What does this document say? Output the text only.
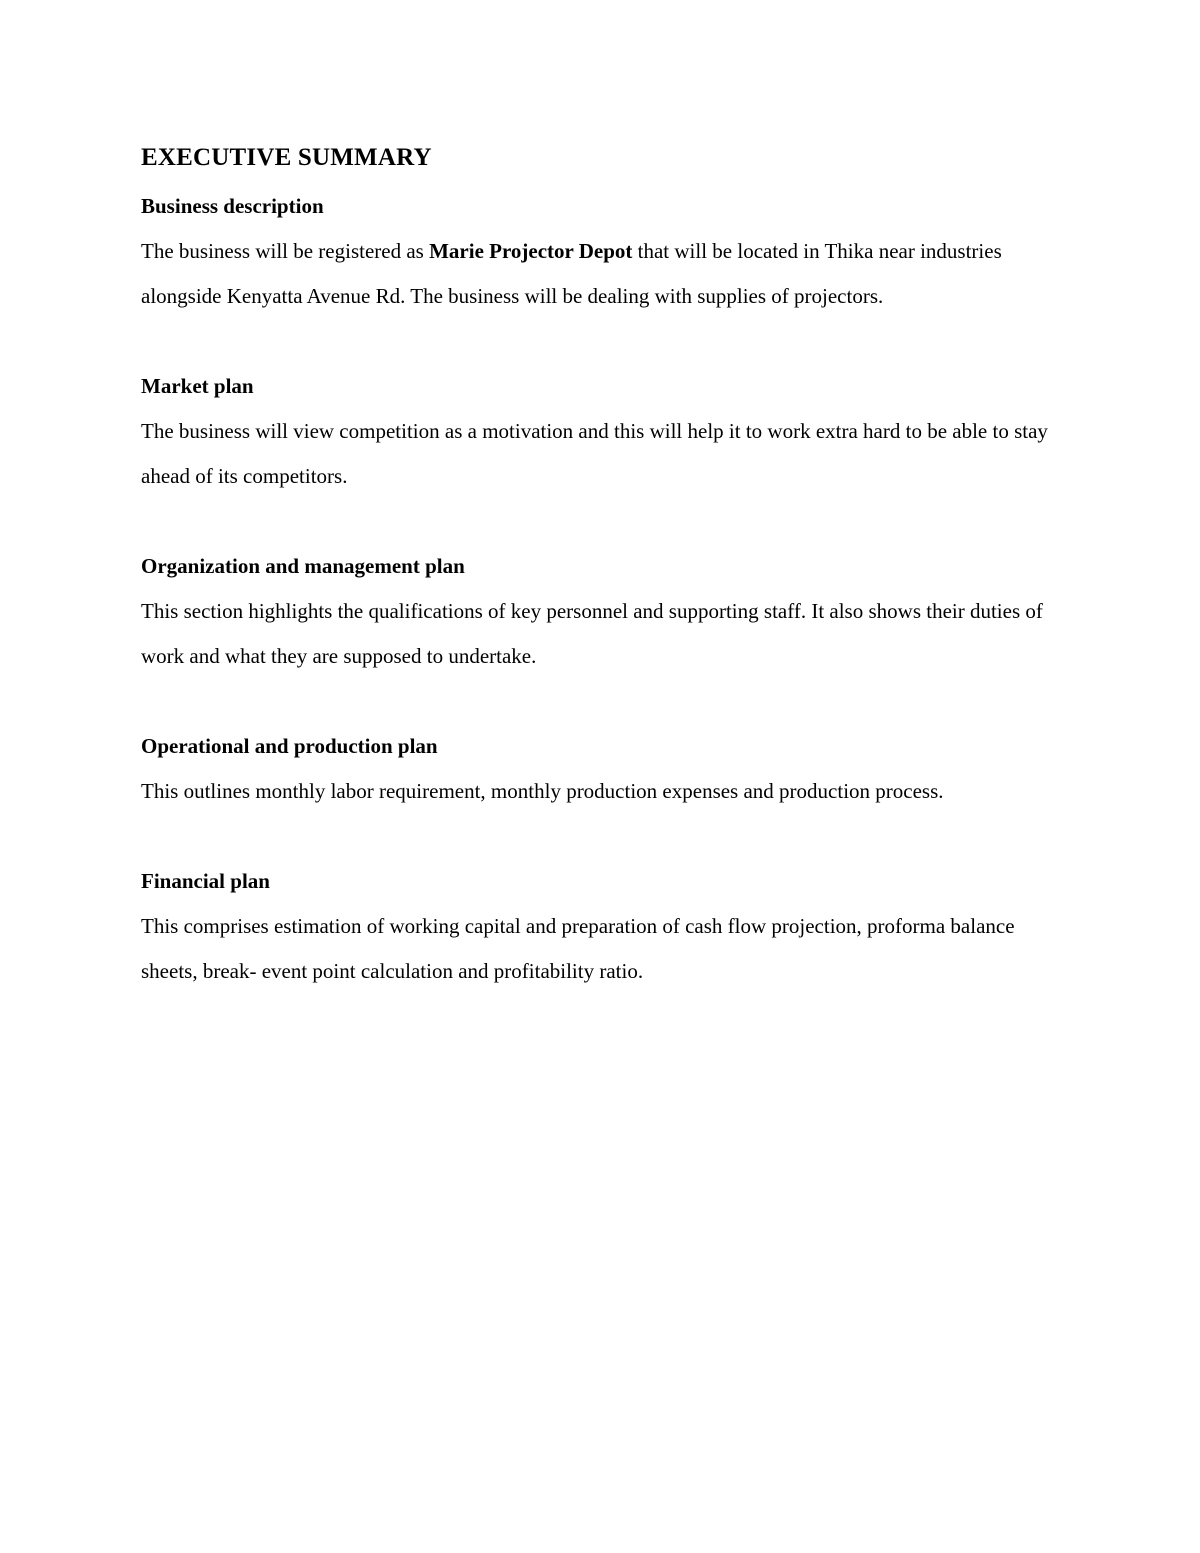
EXECUTIVE SUMMARY
Business description

The business will be registered as Marie Projector Depot that will be located in Thika near industries alongside Kenyatta Avenue Rd. The business will be dealing with supplies of projectors.

Market plan

The business will view competition as a motivation and this will help it to work extra hard to be able to stay ahead of its competitors.

Organization and management plan

This section highlights the qualifications of key personnel and supporting staff. It also shows their duties of work and what they are supposed to undertake.

Operational and production plan

This outlines monthly labor requirement, monthly production expenses and production process.

Financial plan

This comprises estimation of working capital and preparation of cash flow projection, proforma balance sheets, break- event point calculation and profitability ratio.
